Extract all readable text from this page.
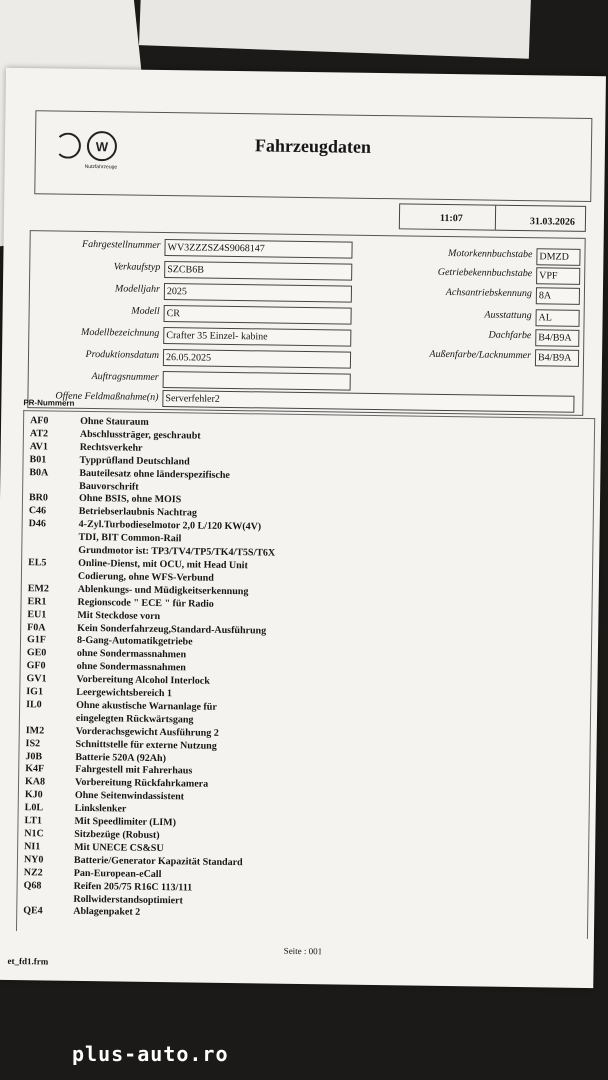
W
Nutzfahrzeuge
Fahrzeugdaten
11:07	31.03.2026
Fahrgestellnummer WV3ZZZSZ4S9068147
Verkaufstyp SZCB6B
Modelljahr 2025
Modell CR
Modellbezeichnung Crafter 35 Einzel- kabine
Produktionsdatum 26.05.2025
Auftragsnummer
Offene Feldmaßnahme(n) Serverfehler2
Motorkennbuchstabe DMZD
Getriebekennbuchstabe VPF
Achsantriebskennung 8A
Ausstattung AL
Dachfarbe B4/B9A
Außenfarbe/Lacknummer B4/B9A
PR-Nummern
AF0	Ohne Stauraum
AT2	Abschlussträger, geschraubt
AV1	Rechtsverkehr
B01	Typprüfland Deutschland
B0A	Bauteilesatz ohne länderspezifische
Bauvorschrift
BR0	Ohne BSIS, ohne MOIS
C46	Betriebserlaubnis Nachtrag
D46	4-Zyl.Turbodieselmotor 2,0 L/120 KW(4V)
TDI, BIT Common-Rail
Grundmotor ist: TP3/TV4/TP5/TK4/T5S/T6X
EL5	Online-Dienst, mit OCU, mit Head Unit
Codierung, ohne WFS-Verbund
EM2	Ablenkungs- und Müdigkeitserkennung
ER1	Regionscode " ECE " für Radio
EU1	Mit Steckdose vorn
F0A	Kein Sonderfahrzeug,Standard-Ausführung
G1F	8-Gang-Automatikgetriebe
GE0	ohne Sondermassnahmen
GF0	ohne Sondermassnahmen
GV1	Vorbereitung Alcohol Interlock
IG1	Leergewichtsbereich 1
IL0	Ohne akustische Warnanlage für
eingelegten Rückwärtsgang
IM2	Vorderachsgewicht Ausführung 2
IS2	Schnittstelle für externe Nutzung
J0B	Batterie 520A (92Ah)
K4F	Fahrgestell mit Fahrerhaus
KA8	Vorbereitung Rückfahrkamera
KJ0	Ohne Seitenwindassistent
L0L	Linkslenker
LT1	Mit Speedlimiter (LIM)
N1C	Sitzbezüge (Robust)
NI1	Mit UNECE CS&SU
NY0	Batterie/Generator Kapazität Standard
NZ2	Pan-European-eCall
Q68	Reifen 205/75 R16C 113/111
Rollwiderstandsoptimiert
QE4	Ablagenpaket 2
Seite : 001
et_fd1.frm
plus-auto.ro
